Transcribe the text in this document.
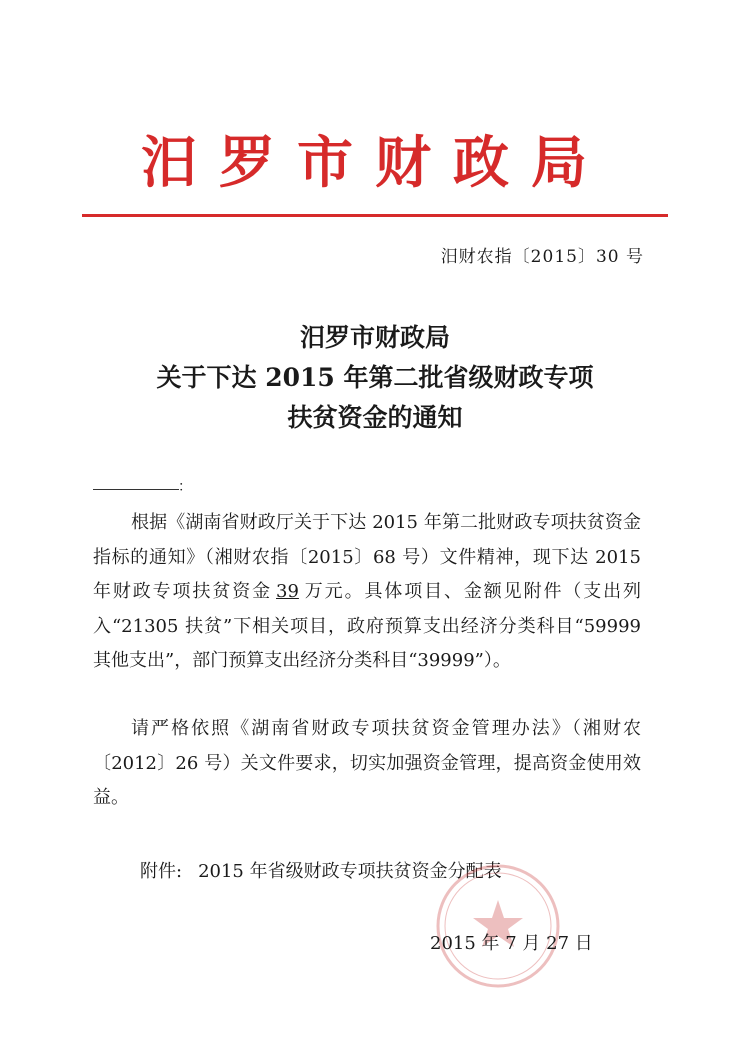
汨罗市财政局
汨财农指〔2015〕30 号
汨罗市财政局
关于下达 2015 年第二批省级财政专项
扶贫资金的通知
：
根据《湖南省财政厅关于下达 2015 年第二批财政专项扶贫资金指标的通知》（湘财农指〔2015〕68 号）文件精神，现下达 2015 年财政专项扶贫资金 39 万元。具体项目、金额见附件（支出列入“21305 扶贫”下相关项目，政府预算支出经济分类科目“59999 其他支出”，部门预算支出经济分类科目“39999”）。
请严格依照《湖南省财政专项扶贫资金管理办法》（湘财农〔2012〕26 号）关文件要求，切实加强资金管理，提高资金使用效益。
附件: 2015 年省级财政专项扶贫资金分配表
2015 年 7 月 27 日
